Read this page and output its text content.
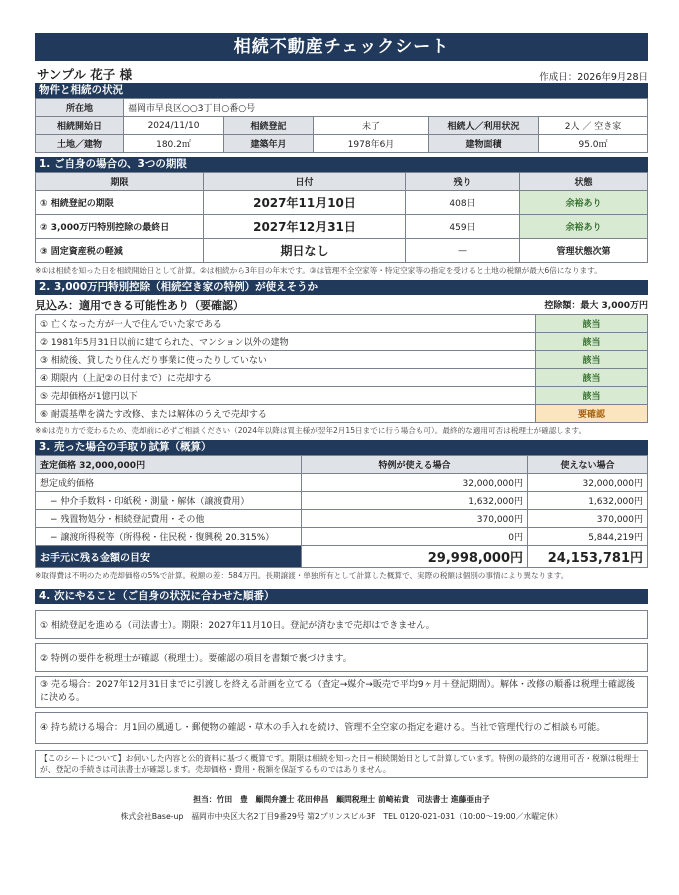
相続不動産チェックシート
サンプル 花子 様	作成日：2026年9月28日
物件と相続の状況
所在地	福岡市早良区○○3丁目○番○号				
相続開始日	2024/11/10	相続登記	未了	相続人／利用状況	2人 ／ 空き家
土地／建物	180.2㎡	建築年月	1978年6月	建物面積	95.0㎡
1. ご自身の場合の、3つの期限
期限	日付	残り	状態
① 相続登記の期限	2027年11月10日	408日	余裕あり
② 3,000万円特別控除の最終日	2027年12月31日	459日	余裕あり
③ 固定資産税の軽減	期日なし	—	管理状態次第

※①は相続を知った日を相続開始日として計算。②は相続から3年目の年末です。③は管理不全空家等・特定空家等の指定を受けると土地の税額が最大6倍になります。

2. 3,000万円特別控除（相続空き家の特例）が使えそうか
見込み：適用できる可能性あり（要確認）	控除額：最大 3,000万円
① 亡くなった方が一人で住んでいた家である	該当
② 1981年5月31日以前に建てられた、マンション以外の建物	該当
③ 相続後、貸したり住んだり事業に使ったりしていない	該当
④ 期限内（上記②の日付まで）に売却する	該当
⑤ 売却価格が1億円以下	該当
⑥ 耐震基準を満たす改修、または解体のうえで売却する	要確認

※⑥は売り方で変わるため、売却前に必ずご相談ください（2024年以降は買主様が翌年2月15日までに行う場合も可）。最終的な適用可否は税理士が確認します。

3. 売った場合の手取り試算（概算）
査定価格 32,000,000円	特例が使える場合	使えない場合
想定成約価格	32,000,000円	32,000,000円
− 仲介手数料・印紙税・測量・解体（譲渡費用）	1,632,000円	1,632,000円
− 残置物処分・相続登記費用・その他	370,000円	370,000円
− 譲渡所得税等（所得税・住民税・復興税 20.315%）	0円	5,844,219円
お手元に残る金額の目安	29,998,000円	24,153,781円

※取得費は不明のため売却価格の5%で計算。税額の差：584万円。長期譲渡・単独所有として計算した概算で、実際の税額は個別の事情により異なります。

4. 次にやること（ご自身の状況に合わせた順番）
① 相続登記を進める（司法書士）。期限：2027年11月10日。登記が済むまで売却はできません。
② 特例の要件を税理士が確認（税理士）。要確認の項目を書類で裏づけます。
③ 売る場合：2027年12月31日までに引渡しを終える計画を立てる（査定→媒介→販売で平均9ヶ月＋登記期間）。解体・改修の順番は税理士確認後に決める。
④ 持ち続ける場合：月1回の風通し・郵便物の確認・草木の手入れを続け、管理不全空家の指定を避ける。当社で管理代行のご相談も可能。
【このシートについて】お伺いした内容と公的資料に基づく概算です。期限は相続を知った日＝相続開始日として計算しています。特例の最終的な適用可否・税額は税理士が、登記の手続きは司法書士が確認します。売却価格・費用・税額を保証するものではありません。
担当：竹田　豊　顧問弁護士 花田伸昌　顧問税理士 前崎祐貴　司法書士 進藤亜由子
株式会社Base-up　福岡市中央区大名2丁目9番29号 第2プリンスビル3F　TEL 0120-021-031（10:00〜19:00／水曜定休）
